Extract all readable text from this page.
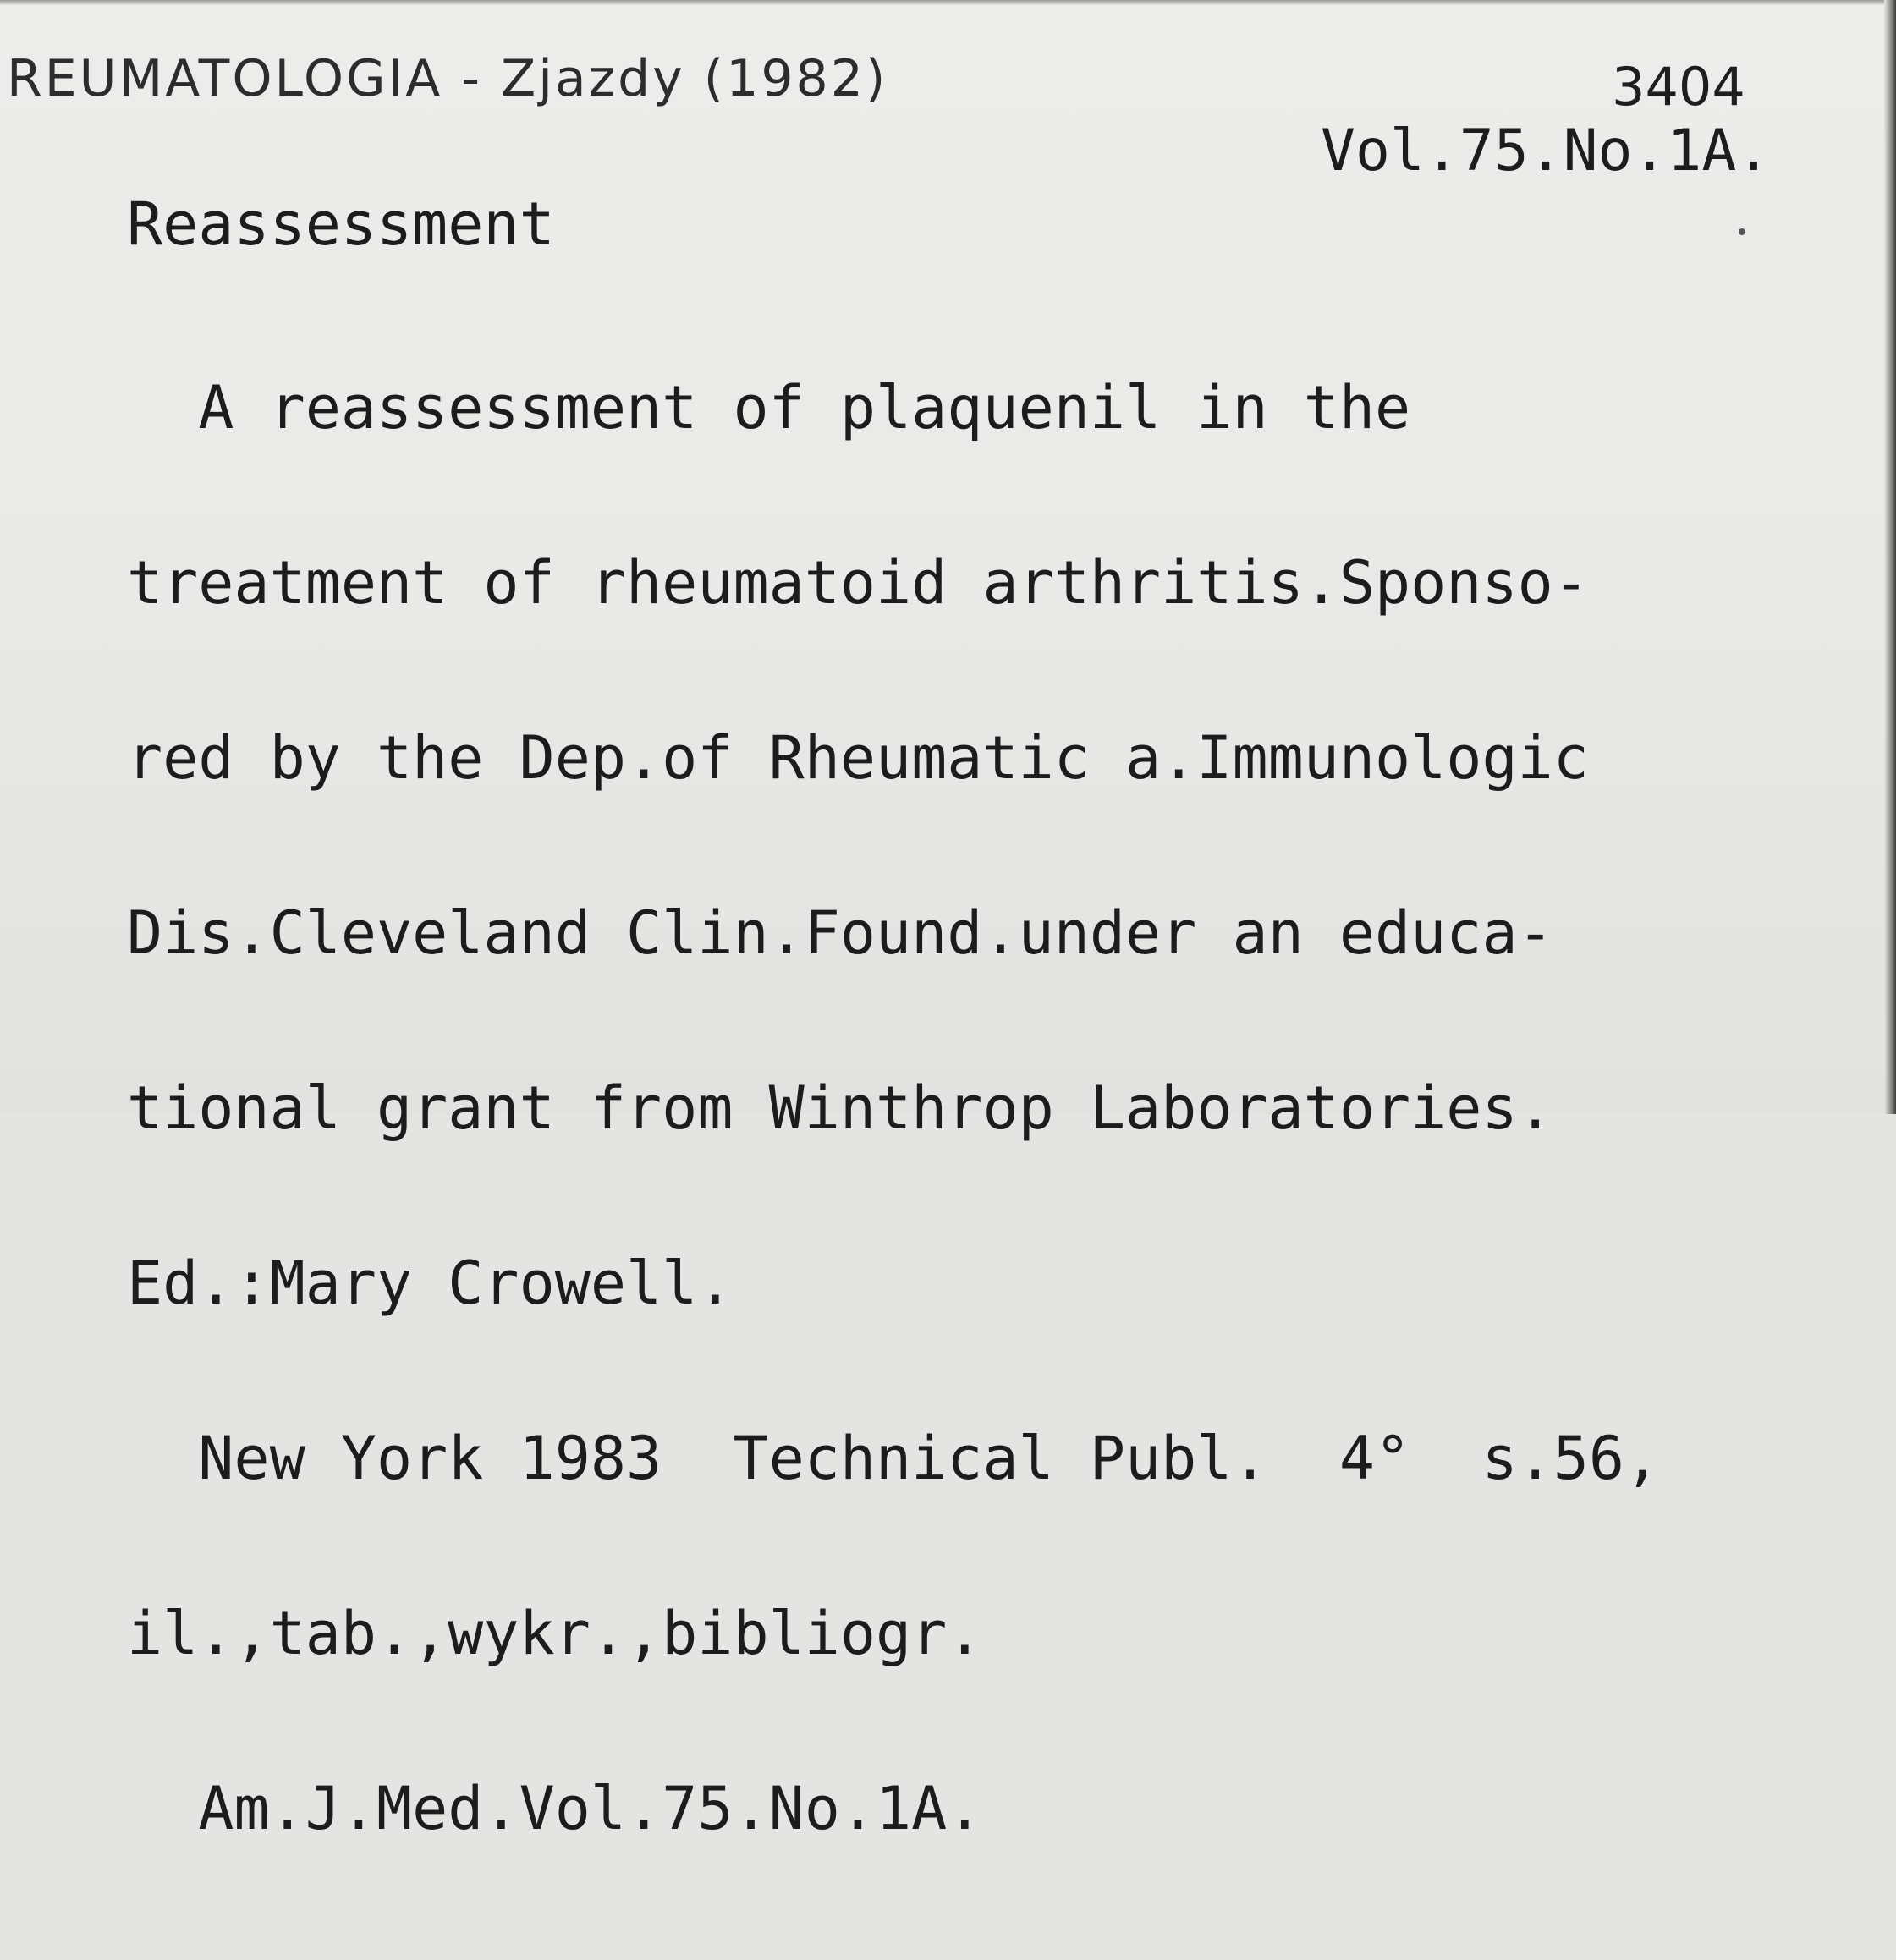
REUMATOLOGIA - Zjazdy (1982)	3404
Vol.75.No.1A.
Reassessment

A reassessment of plaquenil in the

treatment of rheumatoid arthritis.Sponso-

red by the Dep.of Rheumatic a.Immunologic

Dis.Cleveland Clin.Found.under an educa-

tional grant from Winthrop Laboratories.

Ed.:Mary Crowell.

New York 1983  Technical Publ.  4°  s.56,

il.,tab.,wykr.,bibliogr.

Am.J.Med.Vol.75.No.1A.
